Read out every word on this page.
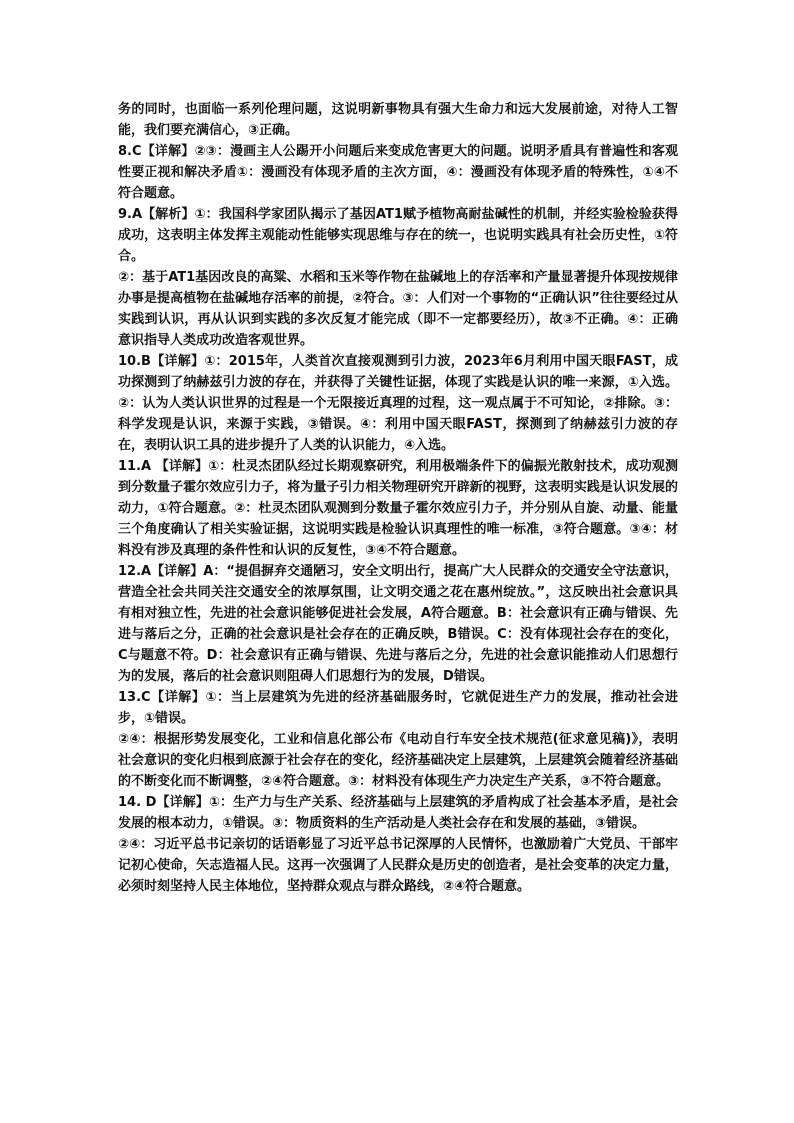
务的同时，也面临一系列伦理问题，这说明新事物具有强大生命力和远大发展前途，对待人工智能，我们要充满信心，③正确。

8.C【详解】②③：漫画主人公踢开小问题后来变成危害更大的问题。说明矛盾具有普遍性和客观性要正视和解决矛盾①：漫画没有体现矛盾的主次方面，④：漫画没有体现矛盾的特殊性，①④不符合题意。

9.A【解析】①：我国科学家团队揭示了基因AT1赋予植物高耐盐碱性的机制，并经实验检验获得成功，这表明主体发挥主观能动性能够实现思维与存在的统一，也说明实践具有社会历史性，①符合。

②：基于AT1基因改良的高粱、水稻和玉米等作物在盐碱地上的存活率和产量显著提升体现按规律办事是提高植物在盐碱地存活率的前提，②符合。③：人们对一个事物的“正确认识”往往要经过从实践到认识，再从认识到实践的多次反复才能完成（即不一定都要经历），故③不正确。④：正确意识指导人类成功改造客观世界。

10.B【详解】①：2015年，人类首次直接观测到引力波，2023年6月利用中国天眼FAST，成功探测到了纳赫兹引力波的存在，并获得了关键性证据，体现了实践是认识的唯一来源，①入选。②：认为人类认识世界的过程是一个无限接近真理的过程，这一观点属于不可知论，②排除。③：科学发现是认识，来源于实践，③错误。④：利用中国天眼FAST，探测到了纳赫兹引力波的存在，表明认识工具的进步提升了人类的认识能力，④入选。

11.A 【详解】①：杜灵杰团队经过长期观察研究，利用极端条件下的偏振光散射技术，成功观测到分数量子霍尔效应引力子，将为量子引力相关物理研究开辟新的视野，这表明实践是认识发展的动力，①符合题意。②：杜灵杰团队观测到分数量子霍尔效应引力子，并分别从自旋、动量、能量三个角度确认了相关实验证据，这说明实践是检验认识真理性的唯一标准，③符合题意。③④：材料没有涉及真理的条件性和认识的反复性，③④不符合题意。

12.A【详解】A：“提倡摒弃交通陋习，安全文明出行，提高广大人民群众的交通安全守法意识，营造全社会共同关注交通安全的浓厚氛围，让文明交通之花在惠州绽放。”，这反映出社会意识具有相对独立性，先进的社会意识能够促进社会发展，A符合题意。B：社会意识有正确与错误、先进与落后之分，正确的社会意识是社会存在的正确反映，B错误。C：没有体现社会存在的变化，C与题意不符。D：社会意识有正确与错误、先进与落后之分，先进的社会意识能推动人们思想行为的发展，落后的社会意识则阻碍人们思想行为的发展，D错误。

13.C【详解】①：当上层建筑为先进的经济基础服务时，它就促进生产力的发展，推动社会进步，①错误。

②④：根据形势发展变化，工业和信息化部公布《电动自行车安全技术规范(征求意见稿)》，表明社会意识的变化归根到底源于社会存在的变化，经济基础决定上层建筑，上层建筑会随着经济基础的不断变化而不断调整，②④符合题意。③：材料没有体现生产力决定生产关系，③不符合题意。

14. D【详解】①：生产力与生产关系、经济基础与上层建筑的矛盾构成了社会基本矛盾，是社会发展的根本动力，①错误。③：物质资料的生产活动是人类社会存在和发展的基础，③错误。

②④：习近平总书记亲切的话语彰显了习近平总书记深厚的人民情怀，也激励着广大党员、干部牢记初心使命，矢志造福人民。这再一次强调了人民群众是历史的创造者，是社会变革的决定力量，必须时刻坚持人民主体地位，坚持群众观点与群众路线，②④符合题意。
